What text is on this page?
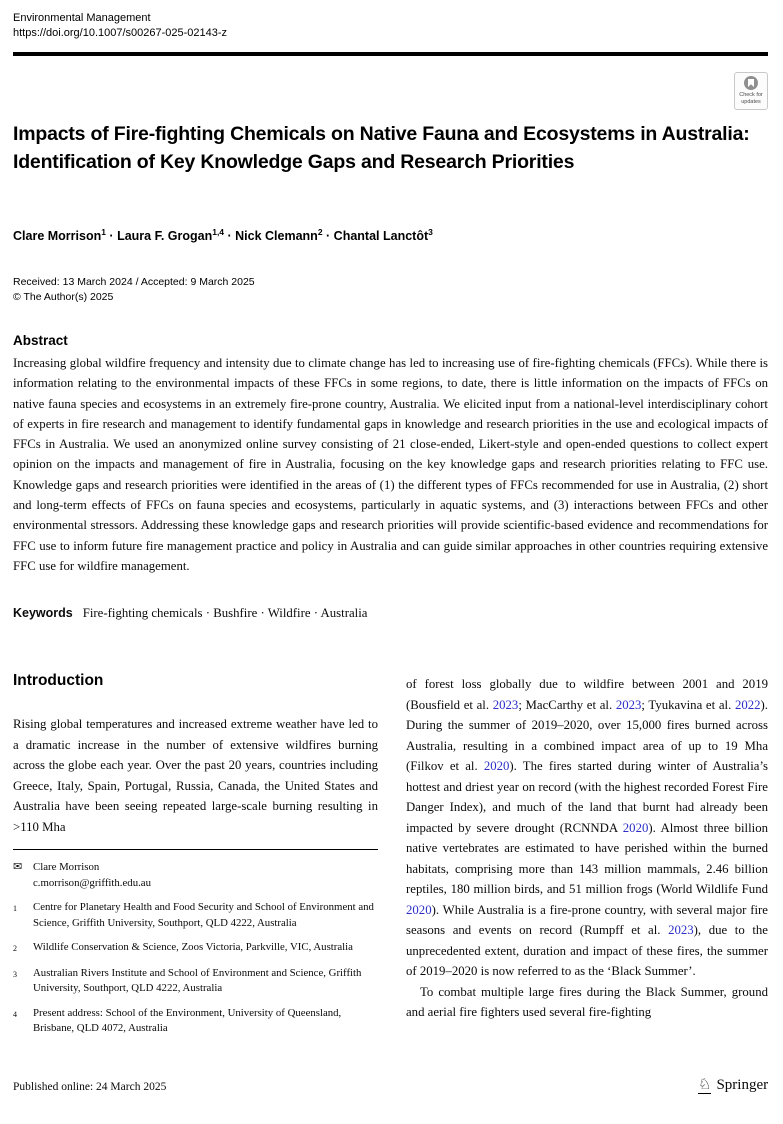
Environmental Management
https://doi.org/10.1007/s00267-025-02143-z
Check for updates
Impacts of Fire-fighting Chemicals on Native Fauna and Ecosystems in Australia: Identification of Key Knowledge Gaps and Research Priorities
Clare Morrison$^1$ · Laura F. Grogan$^{1,4}$ · Nick Clemann$^2$ · Chantal Lanctôt$^3$
Received: 13 March 2024 / Accepted: 9 March 2025
© The Author(s) 2025
Abstract
Increasing global wildfire frequency and intensity due to climate change has led to increasing use of fire-fighting chemicals (FFCs). While there is information relating to the environmental impacts of these FFCs in some regions, to date, there is little information on the impacts of FFCs on native fauna species and ecosystems in an extremely fire-prone country, Australia. We elicited input from a national-level interdisciplinary cohort of experts in fire research and management to identify fundamental gaps in knowledge and research priorities in the use and ecological impacts of FFCs in Australia. We used an anonymized online survey consisting of 21 close-ended, Likert-style and open-ended questions to collect expert opinion on the impacts and management of fire in Australia, focusing on the key knowledge gaps and research priorities relating to FFC use. Knowledge gaps and research priorities were identified in the areas of (1) the different types of FFCs recommended for use in Australia, (2) short and long-term effects of FFCs on fauna species and ecosystems, particularly in aquatic systems, and (3) interactions between FFCs and other environmental stressors. Addressing these knowledge gaps and research priorities will provide scientific-based evidence and recommendations for FFC use to inform future fire management practice and policy in Australia and can guide similar approaches in other countries requiring extensive FFC use for wildfire management.
Keywords Fire-fighting chemicals · Bushfire · Wildfire · Australia
Introduction

Rising global temperatures and increased extreme weather have led to a dramatic increase in the number of extensive wildfires burning across the globe each year. Over the past 20 years, countries including Greece, Italy, Spain, Portugal, Russia, Canada, the United States and Australia have been seeing repeated large-scale burning resulting in >110 Mha

of forest loss globally due to wildfire between 2001 and 2019 (Bousfield et al. 2023; MacCarthy et al. 2023; Tyukavina et al. 2022). During the summer of 2019–2020, over 15,000 fires burned across Australia, resulting in a combined impact area of up to 19 Mha (Filkov et al. 2020). The fires started during winter of Australia’s hottest and driest year on record (with the highest recorded Forest Fire Danger Index), and much of the land that burnt had already been impacted by severe drought (RCNNDA 2020). Almost three billion native vertebrates are estimated to have perished within the burned habitats, comprising more than 143 million mammals, 2.46 billion reptiles, 180 million birds, and 51 million frogs (World Wildlife Fund 2020). While Australia is a fire-prone country, with several major fire seasons and events on record (Rumpff et al. 2023), due to the unprecedented extent, duration and impact of these fires, the summer of 2019–2020 is now referred to as the ‘Black Summer’.

To combat multiple large fires during the Black Summer, ground and aerial fire fighters used several fire-fighting

✉ Clare Morrison
c.morrison@griffith.edu.au
1	Centre for Planetary Health and Food Security and School of Environment and Science, Griffith University, Southport, QLD 4222, Australia
2	Wildlife Conservation & Science, Zoos Victoria, Parkville, VIC, Australia
3	Australian Rivers Institute and School of Environment and Science, Griffith University, Southport, QLD 4222, Australia
4	Present address: School of the Environment, University of Queensland, Brisbane, QLD 4072, Australia
Published online: 24 March 2025	♘ Springer
